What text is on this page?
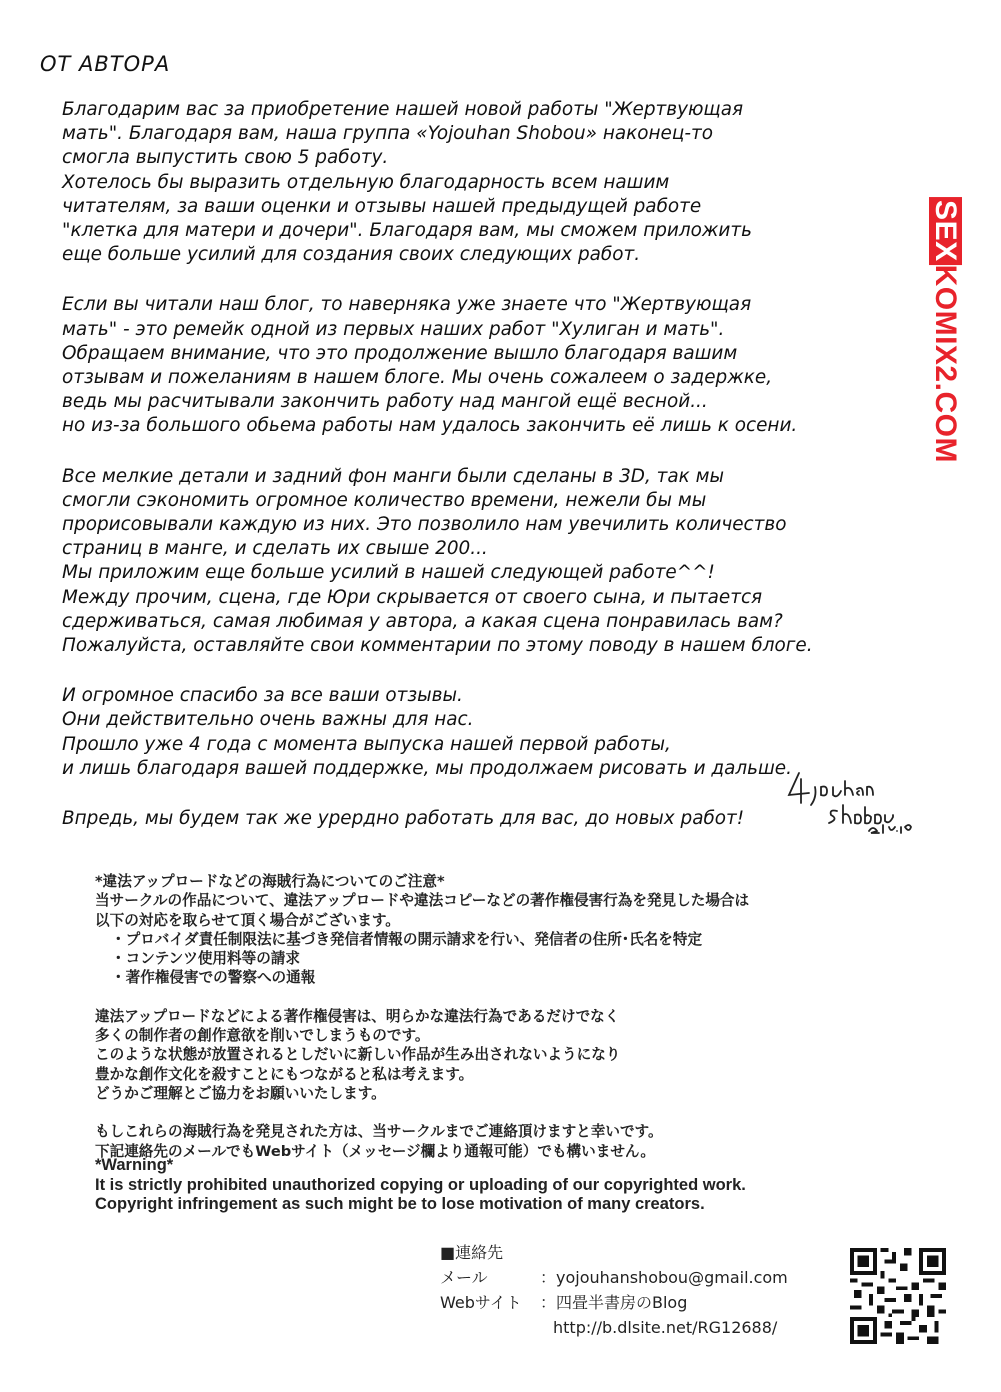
ОТ АВТОРА
Благодарим вас за приобретение нашей новой работы "Жертвующая
мать". Благодаря вам, наша группа «Yojouhan Shobou» наконец-то
смогла выпустить свою 5 работу.
Хотелось бы выразить отдельную благодарность всем нашим
читателям, за ваши оценки и отзывы нашей предыдущей работе
"клетка для матери и дочери". Благодаря вам, мы сможем приложить
еще больше усилий для создания своих следующих работ.
Если вы читали наш блог, то наверняка уже знаете что "Жертвующая
мать" - это ремейк одной из первых наших работ "Хулиган и мать".
Обращаем внимание, что это продолжение вышло благодаря вашим
отзывам и пожеланиям в нашем блоге. Мы очень сожалеем о задержке,
ведь мы расчитывали закончить работу над мангой ещё весной...
но из-за большого обьема работы нам удалось закончить её лишь к осени.
Все мелкие детали и задний фон манги были сделаны в 3D, так мы
смогли сэкономить огромное количество времени, нежели бы мы
прорисовывали каждую из них. Это позволило нам увечилить количество
страниц в манге, и сделать их свыше 200...
Мы приложим еще больше усилий в нашей следующей работе^^!
Между прочим, сцена, где Юри скрывается от своего сына, и пытается
сдерживаться, самая любимая у автора, а какая сцена понравилась вам?
Пожалуйста, оставляйте свои комментарии по этому поводу в нашем блоге.
И огромное спасибо за все ваши отзывы.
Они действительно очень важны для нас.
Прошло уже 4 года с момента выпуска нашей первой работы,
и лишь благодаря вашей поддержке, мы продолжаем рисовать и дальше.
Впредь, мы будем так же урердно работать для вас, до новых работ!
SEXKOMIX2.COM
*違法アップロードなどの海賊行為についてのご注意*
当サークルの作品について、違法アップロードや違法コピーなどの著作権侵害行為を発見した場合は
以下の対応を取らせて頂く場合がございます。
・プロバイダ責任制限法に基づき発信者情報の開示請求を行い、発信者の住所･氏名を特定
・コンテンツ使用料等の請求
・著作権侵害での警察への通報
違法アップロードなどによる著作権侵害は、明らかな違法行為であるだけでなく
多くの制作者の創作意欲を削いでしまうものです。
このような状態が放置されるとしだいに新しい作品が生み出されないようになり
豊かな創作文化を殺すことにもつながると私は考えます。
どうかご理解とご協力をお願いいたします。
もしこれらの海賊行為を発見された方は、当サークルまでご連絡頂けますと幸いです。
下記連絡先のメールでもWebサイト（メッセージ欄より通報可能）でも構いません。
*Warning*
It is strictly prohibited unauthorized copying or uploading of our copyrighted work.
Copyright infringement as such might be to lose motivation of many creators.
■連絡先
メール	：yojouhanshobou@gmail.com
Webサイト ：四畳半書房のBlog
http://b.dlsite.net/RG12688/
